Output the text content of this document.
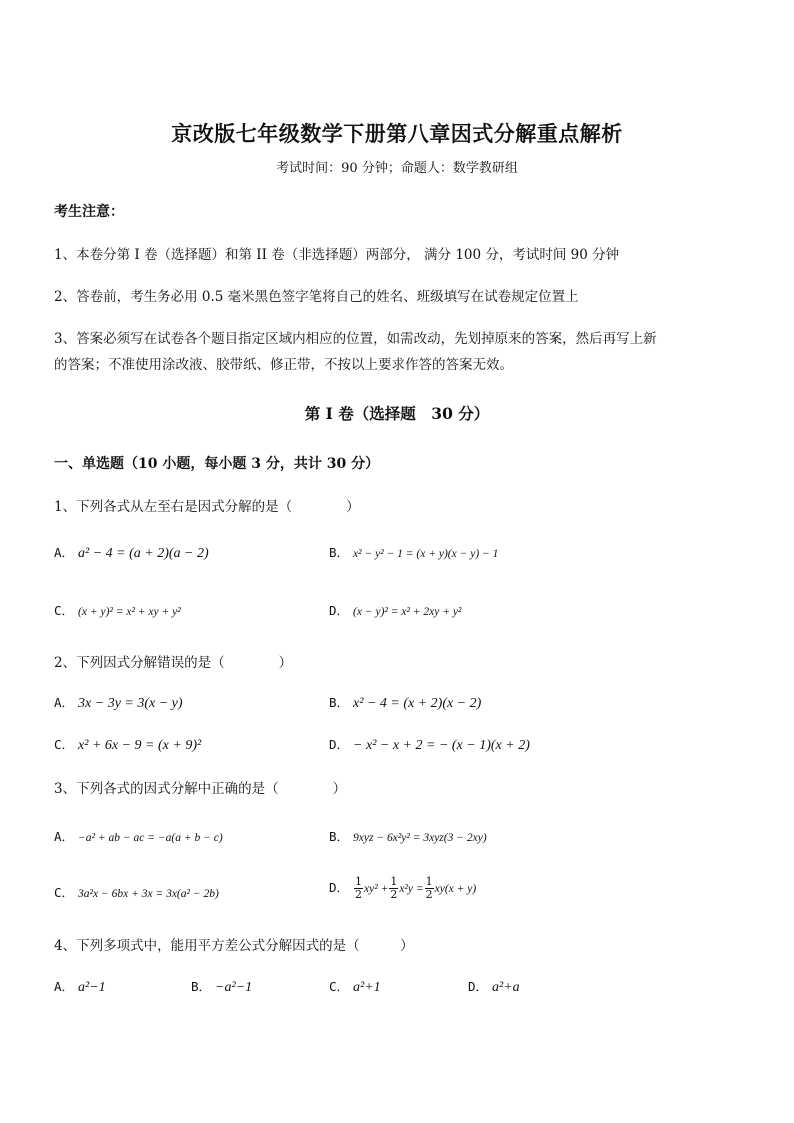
京改版七年级数学下册第八章因式分解重点解析
考试时间：90 分钟；命题人：数学教研组
考生注意：
1、本卷分第 I 卷（选择题）和第 II 卷（非选择题）两部分， 满分 100 分，考试时间 90 分钟
2、答卷前，考生务必用 0.5 毫米黑色签字笔将自己的姓名、班级填写在试卷规定位置上
3、答案必须写在试卷各个题目指定区域内相应的位置，如需改动，先划掉原来的答案，然后再写上新
的答案；不准使用涂改液、胶带纸、修正带，不按以上要求作答的答案无效。
第 I 卷（选择题　30 分）
一、单选题（10 小题，每小题 3 分，共计 30 分）
1、下列各式从左至右是因式分解的是（　　　　）
A． a² − 4 = (a + 2)(a − 2)	B． x² − y² − 1 = (x + y)(x − y) − 1
C． (x + y)² = x² + xy + y²	D． (x − y)² = x² + 2xy + y²
2、下列因式分解错误的是（　　　　）
A． 3x − 3y = 3(x − y)	B． x² − 4 = (x + 2)(x − 2)
C． x² + 6x − 9 = (x + 9)²	D． − x² − x + 2 = − (x − 1)(x + 2)
3、下列各式的因式分解中正确的是（　　　　）
A． −a² + ab − ac = −a(a + b − c)	B． 9xyz − 6x²y² = 3xyz(3 − 2xy)
C． 3a²x − 6bx + 3x = 3x(a² − 2b)	D． $\frac{1}{2} xy^2 + \frac{1}{2} x^2y = \frac{1}{2} xy(x + y)$
4、下列多项式中，能用平方差公式分解因式的是（　　　）
A． a²−1	B． −a²−1	C． a²+1	D． a²+a
